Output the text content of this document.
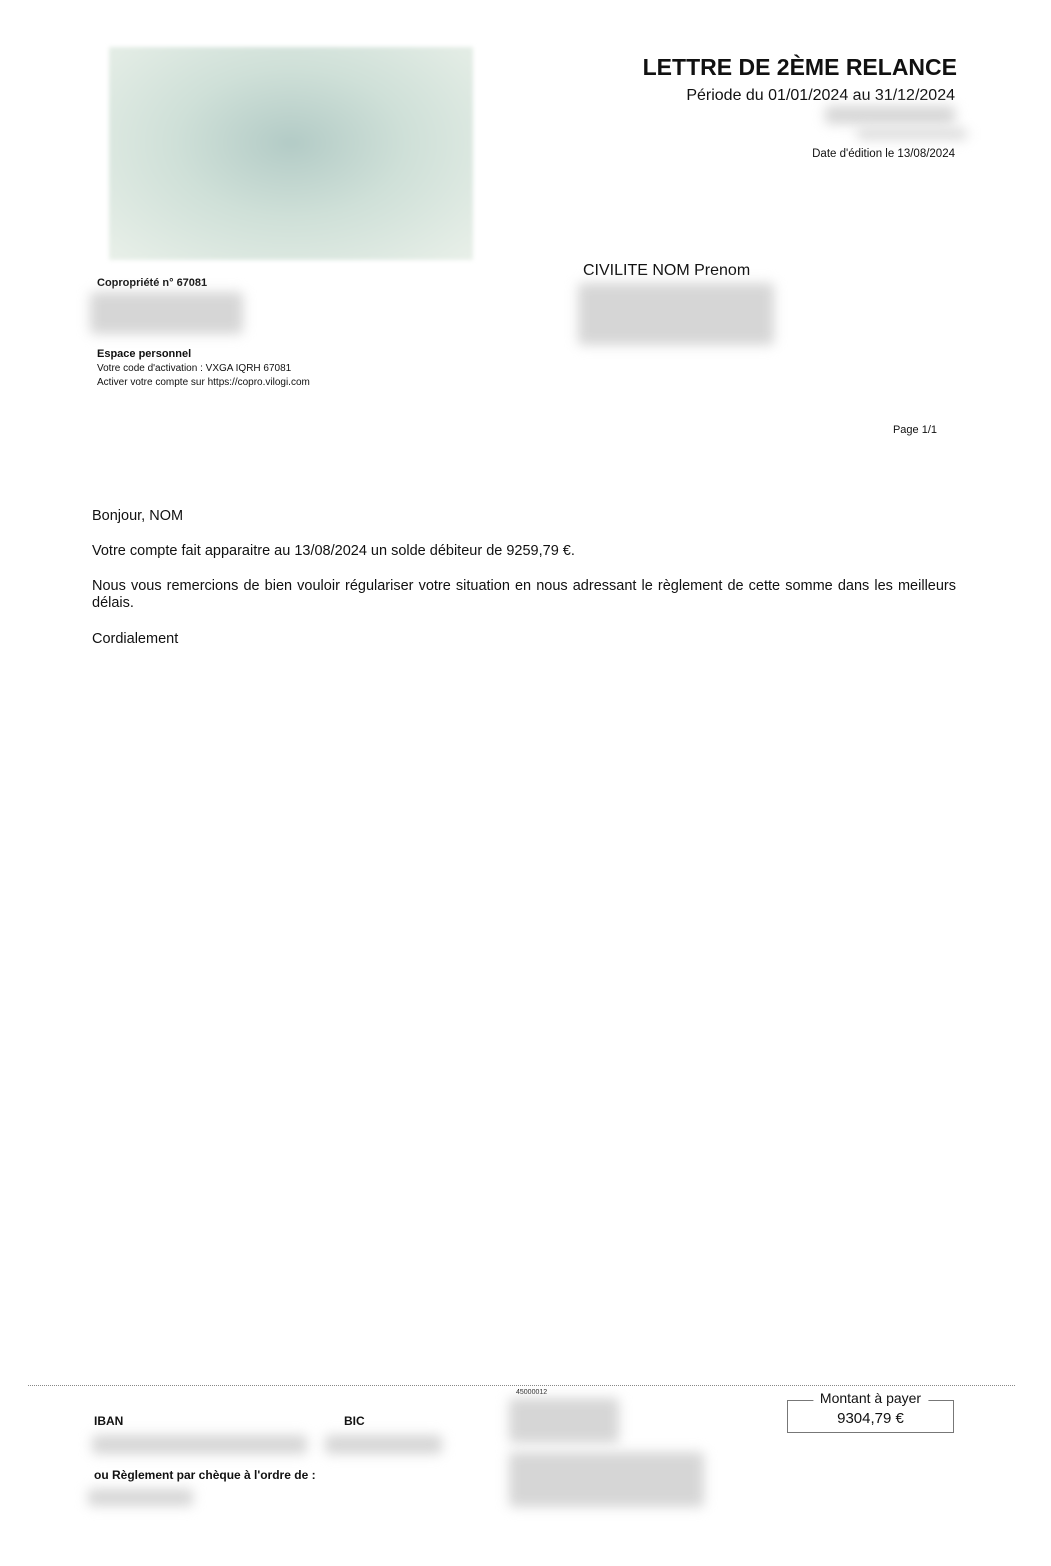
LETTRE DE 2ÈME RELANCE
Période du 01/01/2024 au 31/12/2024
Date d'édition le 13/08/2024
Copropriété n° 67081
Espace personnel
Votre code d'activation : VXGA IQRH 67081
Activer votre compte sur https://copro.vilogi.com
CIVILITE NOM Prenom
Page 1/1
Bonjour, NOM
Votre compte fait apparaitre au 13/08/2024 un solde débiteur de 9259,79 €.
Nous vous remercions de bien vouloir régulariser votre situation en nous adressant le règlement de cette somme dans les meilleurs délais.
Cordialement
IBAN	BIC
ou Règlement par chèque à l'ordre de :
45000012	Montant à payer
9304,79 €
